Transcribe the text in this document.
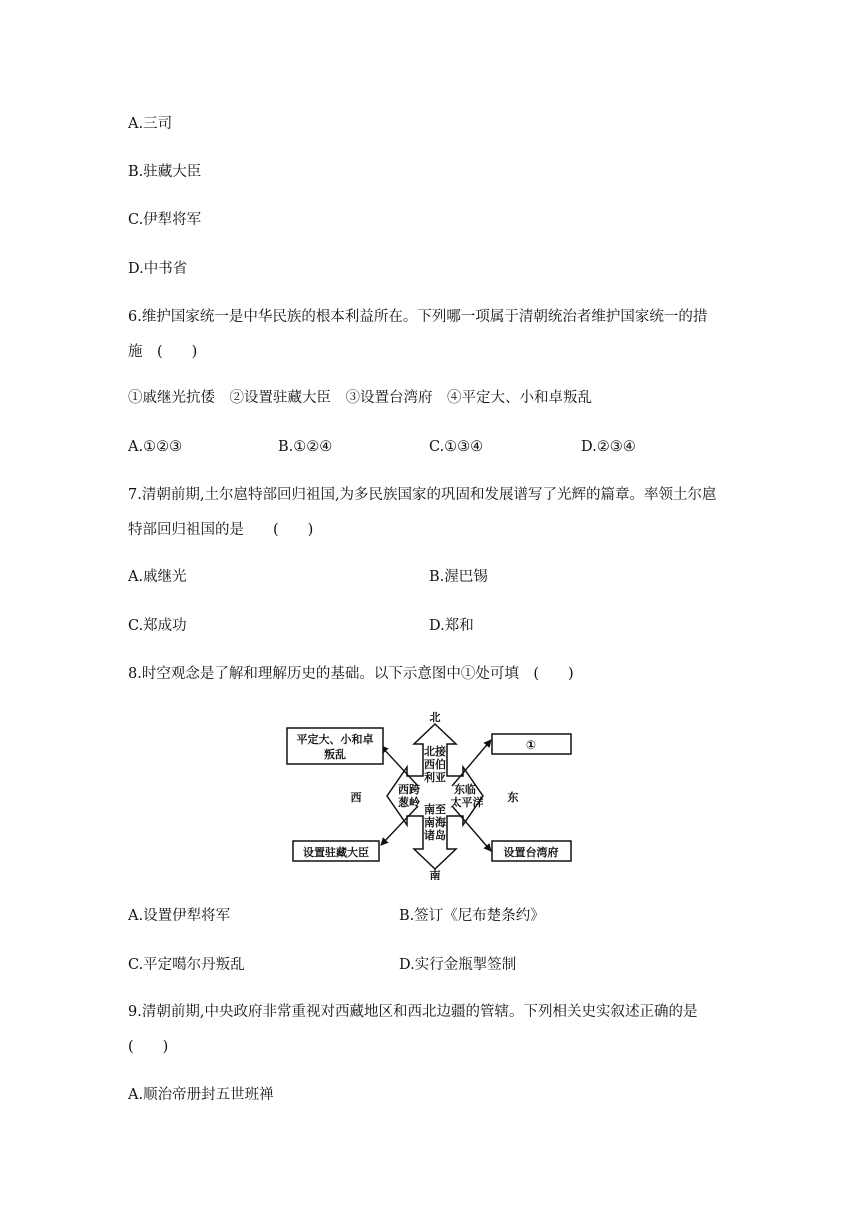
A.三司
B.驻藏大臣
C.伊犁将军
D.中书省
6.维护国家统一是中华民族的根本利益所在。下列哪一项属于清朝统治者维护国家统一的措
施　(　　)
①戚继光抗倭　②设置驻藏大臣　③设置台湾府　④平定大、小和卓叛乱
A.①②③	B.①②④	C.①③④	D.②③④
7.清朝前期,土尔扈特部回归祖国,为多民族国家的巩固和发展谱写了光辉的篇章。率领土尔扈
特部回归祖国的是　　(　　)
A.戚继光	B.渥巴锡
C.郑成功	D.郑和
8.时空观念是了解和理解历史的基础。以下示意图中①处可填　(　　)
平定大、小和卓
叛乱
①
设置驻藏大臣	设置台湾府
北
南
西	东
北接
西伯
利亚
西跨
葱岭
东临
太平洋
南至
南海
诸岛
A.设置伊犁将军	B.签订《尼布楚条约》
C.平定噶尔丹叛乱	D.实行金瓶掣签制
9.清朝前期,中央政府非常重视对西藏地区和西北边疆的管辖。下列相关史实叙述正确的是
(　　)
A.顺治帝册封五世班禅
